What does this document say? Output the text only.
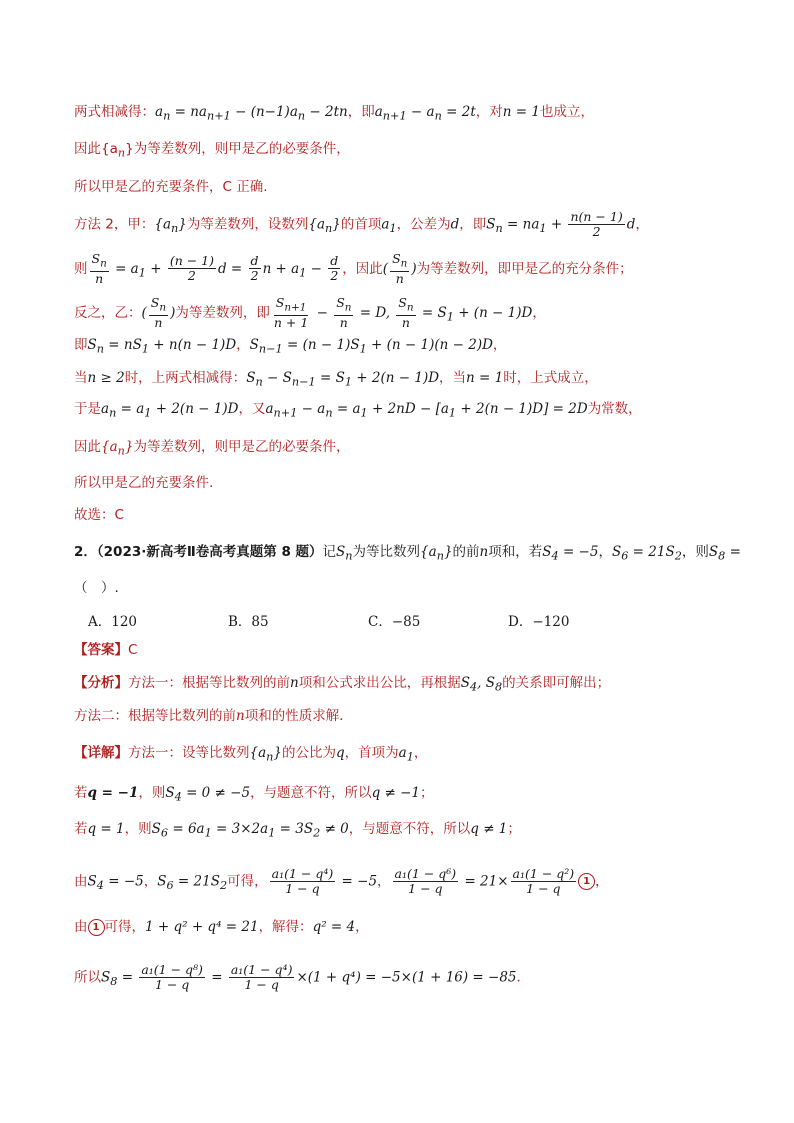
两式相减得：$a_n = na_{n+1} - (n-1)a_n - 2tn$，即$a_{n+1} - a_n = 2t$，对n = 1也成立，
因此$\{a_n\}$为等差数列，则甲是乙的必要条件，
所以甲是乙的充要条件，C 正确.
方法 2，甲：$\{a_n\}$为等差数列，设数列$\{a_n\}$的首项$a_1$，公差为d，即$S_n = na_1 + \frac{n(n - 1)}{2}$ d，
则 $\frac{S_n}{n} = a_1 + \frac{(n - 1)}{2}$ $d = \frac{d}{2}$ $n + a_1 - \frac{d}{2}$ ，因此( $\frac{S_n}{n}$ )为等差数列，即甲是乙的充分条件；
反之，乙：( $\frac{S_n}{n}$ )为等差数列，即 $\frac{S_{n+1}}{n + 1} - \frac{S_n}{n} = D$, $\frac{S_n}{n} = S_1 + (n - 1)D$，
即$S_n = nS_1 + n(n - 1)D$，$S_{n-1} = (n - 1)S_1 + (n - 1)(n - 2)D$，
当n ≥ 2时，上两式相减得：$S_n - S_{n-1} = S_1 + 2(n - 1)D$，当n = 1时，上式成立，
于是$a_n = a_1 + 2(n - 1)D$，又$a_{n+1} - a_n = a_1 + 2nD - [a_1 + 2(n - 1)D] = 2D$为常数，
因此$\{a_n\}$为等差数列，则甲是乙的必要条件，
所以甲是乙的充要条件.
故选：C
2．（2023·新高考Ⅱ卷高考真题第 8 题）记$S_n$为等比数列$\{a_n\}$的前n项和，若$S_4 = -5$，$S_6 = 21S_2$，则$S_8$ =
（　）.
A．120	B．85	C．−85	D．−120
【答案】C
【分析】方法一：根据等比数列的前n项和公式求出公比，再根据$S_4$, $S_8$的关系即可解出；
方法二：根据等比数列的前n项和的性质求解．
【详解】方法一：设等比数列$\{a_n\}$的公比为q，首项为$a_1$，
若q = −1，则$S_4 = 0 \ne -5$，与题意不符，所以q ≠ −1；
若q = 1，则$S_6 = 6a_1 = 3\times 2a_1 = 3S_2 \ne 0$，与题意不符，所以q ≠ 1；
由$S_4 = -5$，$S_6 = 21S_2$可得， $\frac{\text{a₁(1 − q⁴)}}{1 - q} = -5$， $\frac{\text{a₁(1 − q⁶)}}{1 - q} = 21\times \frac{\text{a₁(1 − q²)}}{1 - q} 1$ ，
由 1 可得，1 + q² + q⁴ = 21，解得：q² = 4，
所以$S_8 = \frac{\text{a₁(1 − q⁸)}}{1 - q} = \frac{\text{a₁(1 − q⁴)}}{1 - q} \times(1 + q^4) = -5\times(1 + 16) = -85$．
